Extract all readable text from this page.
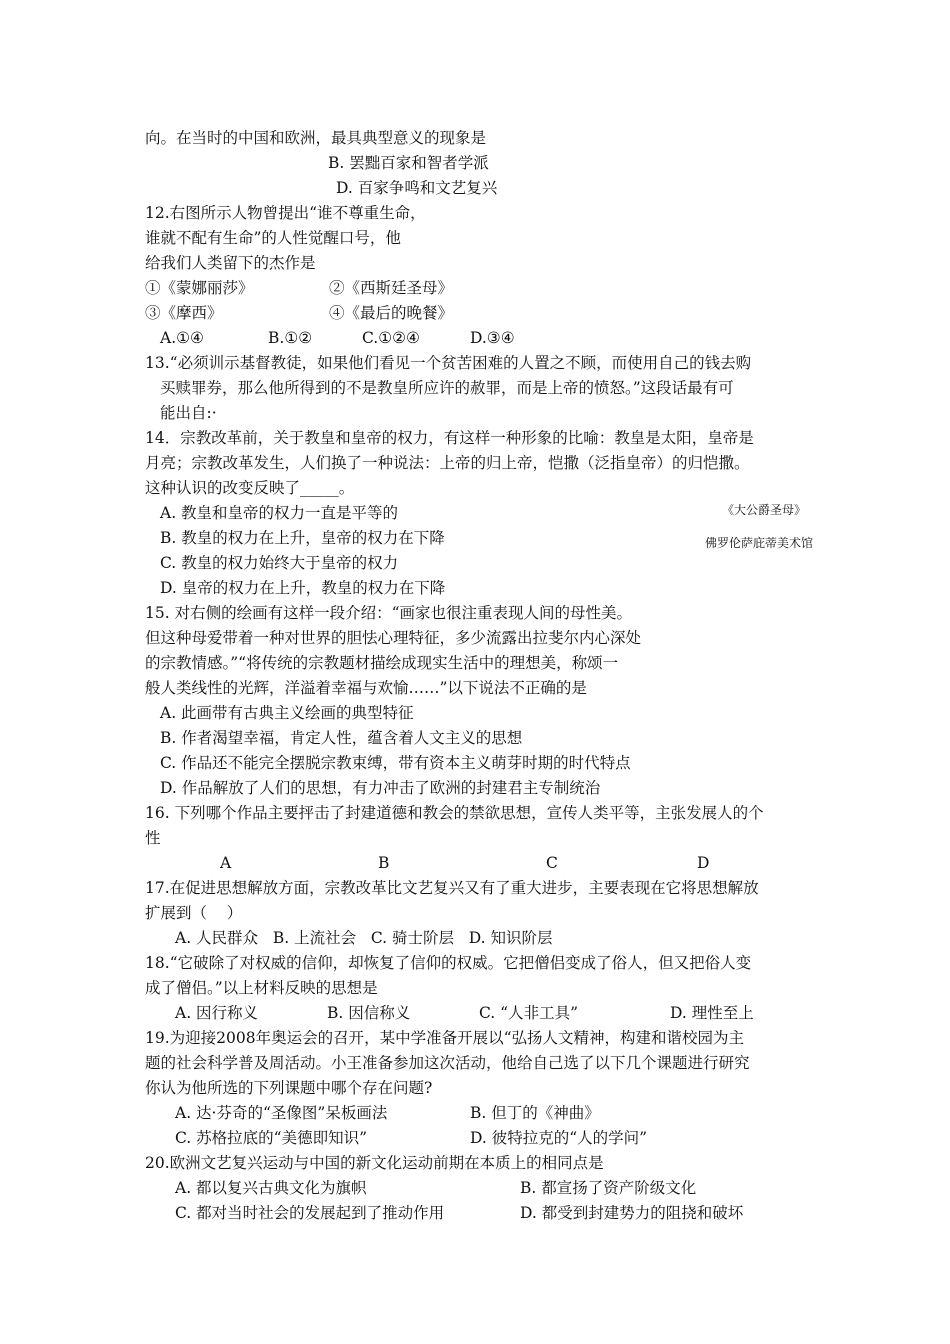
向。在当时的中国和欧洲，最具典型意义的现象是
B. 罢黜百家和智者学派
D. 百家争鸣和文艺复兴
12.右图所示人物曾提出“谁不尊重生命，
谁就不配有生命”的人性觉醒口号，他
给我们人类留下的杰作是
①《蒙娜丽莎》	②《西斯廷圣母》
③《摩西》	④《最后的晚餐》
A.①④	B.①②	C.①②④	D.③④
13.“必须训示基督教徒，如果他们看见一个贫苦困难的人置之不顾，而使用自己的钱去购
买赎罪券，那么他所得到的不是教皇所应许的赦罪，而是上帝的愤怒。”这段话最有可
能出自:·
14．宗教改革前，关于教皇和皇帝的权力，有这样一种形象的比喻：教皇是太阳，皇帝是
月亮；宗教改革发生，人们换了一种说法：上帝的归上帝，恺撒（泛指皇帝）的归恺撒。
这种认识的改变反映了_____。
A. 教皇和皇帝的权力一直是平等的
B. 教皇的权力在上升，皇帝的权力在下降
C. 教皇的权力始终大于皇帝的权力
D. 皇帝的权力在上升，教皇的权力在下降
《大公爵圣母》
佛罗伦萨庇蒂美术馆
15. 对右侧的绘画有这样一段介绍：“画家也很注重表现人间的母性美。
但这种母爱带着一种对世界的胆怯心理特征，多少流露出拉斐尔内心深处
的宗教情感。”“将传统的宗教题材描绘成现实生活中的理想美，称颂一
般人类线性的光辉，洋溢着幸福与欢愉……”以下说法不正确的是
A. 此画带有古典主义绘画的典型特征
B. 作者渴望幸福，肯定人性，蕴含着人文主义的思想
C. 作品还不能完全摆脱宗教束缚，带有资本主义萌芽时期的时代特点
D. 作品解放了人们的思想，有力冲击了欧洲的封建君主专制统治
16. 下列哪个作品主要抨击了封建道德和教会的禁欲思想，宣传人类平等，主张发展人的个
性
A	B	C	D
17.在促进思想解放方面，宗教改革比文艺复兴又有了重大进步，主要表现在它将思想解放
扩展到（    ）
A. 人民群众   B. 上流社会   C. 骑士阶层   D. 知识阶层
18.“它破除了对权威的信仰，却恢复了信仰的权威。它把僧侣变成了俗人，但又把俗人变
成了僧侣。”以上材料反映的思想是
A. 因行称义	B. 因信称义	C. “人非工具”	D. 理性至上
19.为迎接2008年奥运会的召开，某中学准备开展以“弘扬人文精神，构建和谐校园为主
题的社会科学普及周活动。小王准备参加这次活动，他给自己选了以下几个课题进行研究
你认为他所选的下列课题中哪个存在问题?
A. 达·芬奇的“圣像图”呆板画法	B. 但丁的《神曲》
C. 苏格拉底的“美德即知识”	D. 彼特拉克的“人的学问”
20.欧洲文艺复兴运动与中国的新文化运动前期在本质上的相同点是
A. 都以复兴古典文化为旗帜	B. 都宣扬了资产阶级文化
C. 都对当时社会的发展起到了推动作用	D. 都受到封建势力的阻挠和破坏
